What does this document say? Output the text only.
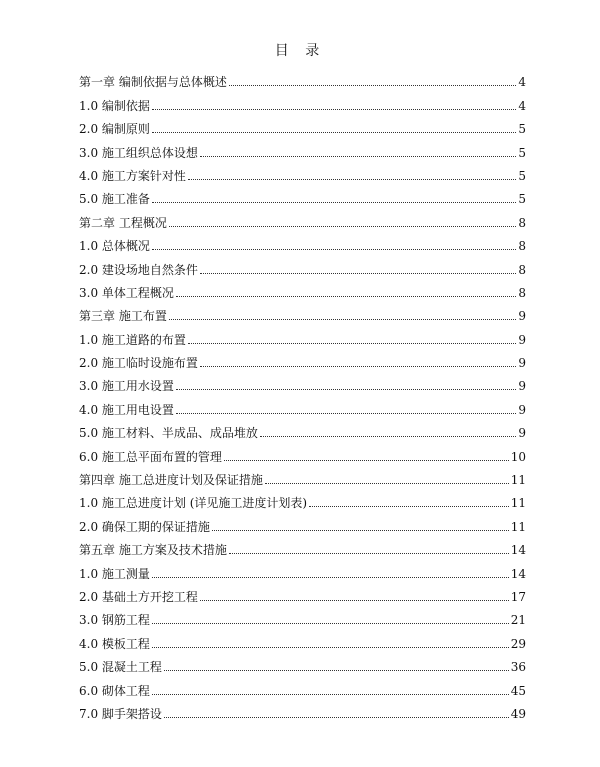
目 录
第一章 编制依据与总体概述	4
1.0 编制依据	4
2.0 编制原则	5
3.0 施工组织总体设想	5
4.0 施工方案针对性	5
5.0 施工准备	5
第二章 工程概况	8
1.0 总体概况	8
2.0 建设场地自然条件	8
3.0 单体工程概况	8
第三章 施工布置	9
1.0 施工道路的布置	9
2.0 施工临时设施布置	9
3.0 施工用水设置	9
4.0 施工用电设置	9
5.0 施工材料、半成品、成品堆放	9
6.0 施工总平面布置的管理	10
第四章 施工总进度计划及保证措施	11
1.0 施工总进度计划 (详见施工进度计划表)	11
2.0 确保工期的保证措施	11
第五章 施工方案及技术措施	14
1.0 施工测量	14
2.0 基础土方开挖工程	17
3.0 钢筋工程	21
4.0 模板工程	29
5.0 混凝土工程	36
6.0 砌体工程	45
7.0 脚手架搭设	49
